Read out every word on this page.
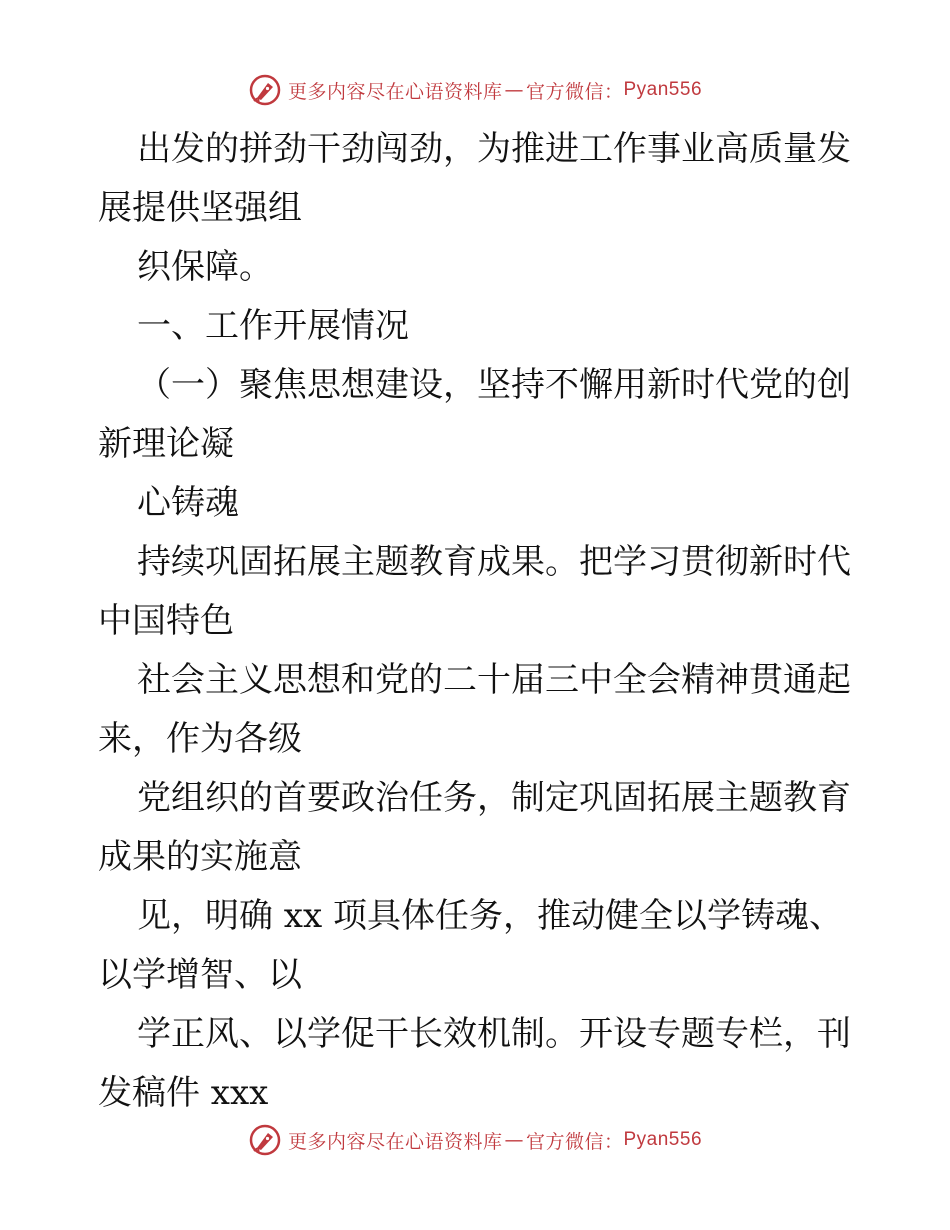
更多内容尽在心语资料库 — 官方微信： Pyan556
出发的拼劲干劲闯劲，为推进工作事业高质量发
展提供坚强组
织保障。
一、工作开展情况
（一）聚焦思想建设，坚持不懈用新时代党的创
新理论凝
心铸魂
持续巩固拓展主题教育成果。把学习贯彻新时代
中国特色
社会主义思想和党的二十届三中全会精神贯通起
来，作为各级
党组织的首要政治任务，制定巩固拓展主题教育
成果的实施意
见，明确 xx 项具体任务，推动健全以学铸魂、
以学增智、以
学正风、以学促干长效机制。开设专题专栏，刊
发稿件 xxx
更多内容尽在心语资料库 — 官方微信： Pyan556
